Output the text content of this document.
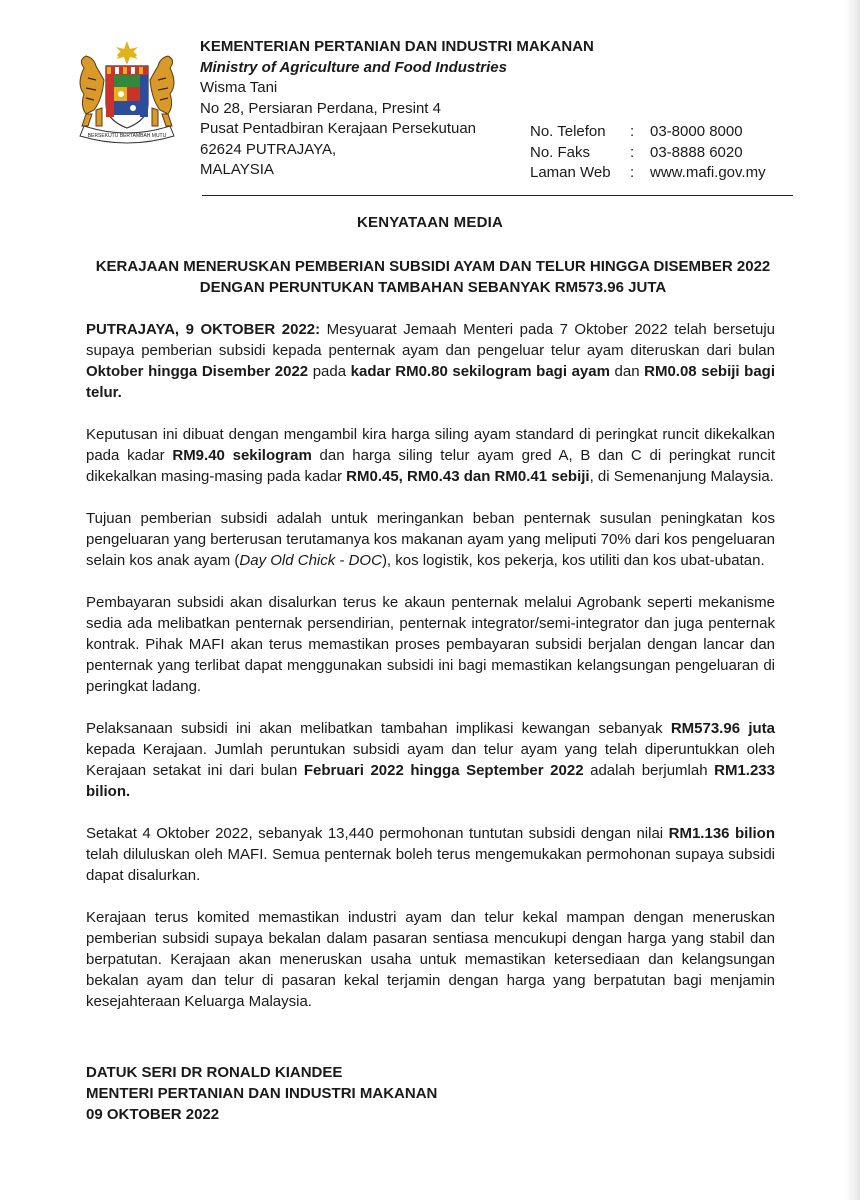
BERSEKUTU BERTAMBAH MUTU
KEMENTERIAN PERTANIAN DAN INDUSTRI MAKANAN
Ministry of Agriculture and Food Industries
Wisma Tani
No 28, Persiaran Perdana, Presint 4
Pusat Pentadbiran Kerajaan Persekutuan
62624 PUTRAJAYA,
MALAYSIA
No. Telefon	:	03-8000 8000
No. Faks	:	03-8888 6020
Laman Web	:	www.mafi.gov.my
KENYATAAN MEDIA
KERAJAAN MENERUSKAN PEMBERIAN SUBSIDI AYAM DAN TELUR HINGGA DISEMBER 2022 DENGAN PERUNTUKAN TAMBAHAN SEBANYAK RM573.96 JUTA

PUTRAJAYA, 9 OKTOBER 2022: Mesyuarat Jemaah Menteri pada 7 Oktober 2022 telah bersetuju supaya pemberian subsidi kepada penternak ayam dan pengeluar telur ayam diteruskan dari bulan Oktober hingga Disember 2022 pada kadar RM0.80 sekilogram bagi ayam dan RM0.08 sebiji bagi telur.

Keputusan ini dibuat dengan mengambil kira harga siling ayam standard di peringkat runcit dikekalkan pada kadar RM9.40 sekilogram dan harga siling telur ayam gred A, B dan C di peringkat runcit dikekalkan masing-masing pada kadar RM0.45, RM0.43 dan RM0.41 sebiji, di Semenanjung Malaysia.

Tujuan pemberian subsidi adalah untuk meringankan beban penternak susulan peningkatan kos pengeluaran yang berterusan terutamanya kos makanan ayam yang meliputi 70% dari kos pengeluaran selain kos anak ayam (Day Old Chick - DOC), kos logistik, kos pekerja, kos utiliti dan kos ubat-ubatan.

Pembayaran subsidi akan disalurkan terus ke akaun penternak melalui Agrobank seperti mekanisme sedia ada melibatkan penternak persendirian, penternak integrator/semi-integrator dan juga penternak kontrak. Pihak MAFI akan terus memastikan proses pembayaran subsidi berjalan dengan lancar dan penternak yang terlibat dapat menggunakan subsidi ini bagi memastikan kelangsungan pengeluaran di peringkat ladang.

Pelaksanaan subsidi ini akan melibatkan tambahan implikasi kewangan sebanyak RM573.96 juta kepada Kerajaan. Jumlah peruntukan subsidi ayam dan telur ayam yang telah diperuntukkan oleh Kerajaan setakat ini dari bulan Februari 2022 hingga September 2022 adalah berjumlah RM1.233 bilion.

Setakat 4 Oktober 2022, sebanyak 13,440 permohonan tuntutan subsidi dengan nilai RM1.136 bilion telah diluluskan oleh MAFI. Semua penternak boleh terus mengemukakan permohonan supaya subsidi dapat disalurkan.

Kerajaan terus komited memastikan industri ayam dan telur kekal mampan dengan meneruskan pemberian subsidi supaya bekalan dalam pasaran sentiasa mencukupi dengan harga yang stabil dan berpatutan. Kerajaan akan meneruskan usaha untuk memastikan ketersediaan dan kelangsungan bekalan ayam dan telur di pasaran kekal terjamin dengan harga yang berpatutan bagi menjamin kesejahteraan Keluarga Malaysia.

DATUK SERI DR RONALD KIANDEE
MENTERI PERTANIAN DAN INDUSTRI MAKANAN
09 OKTOBER 2022
